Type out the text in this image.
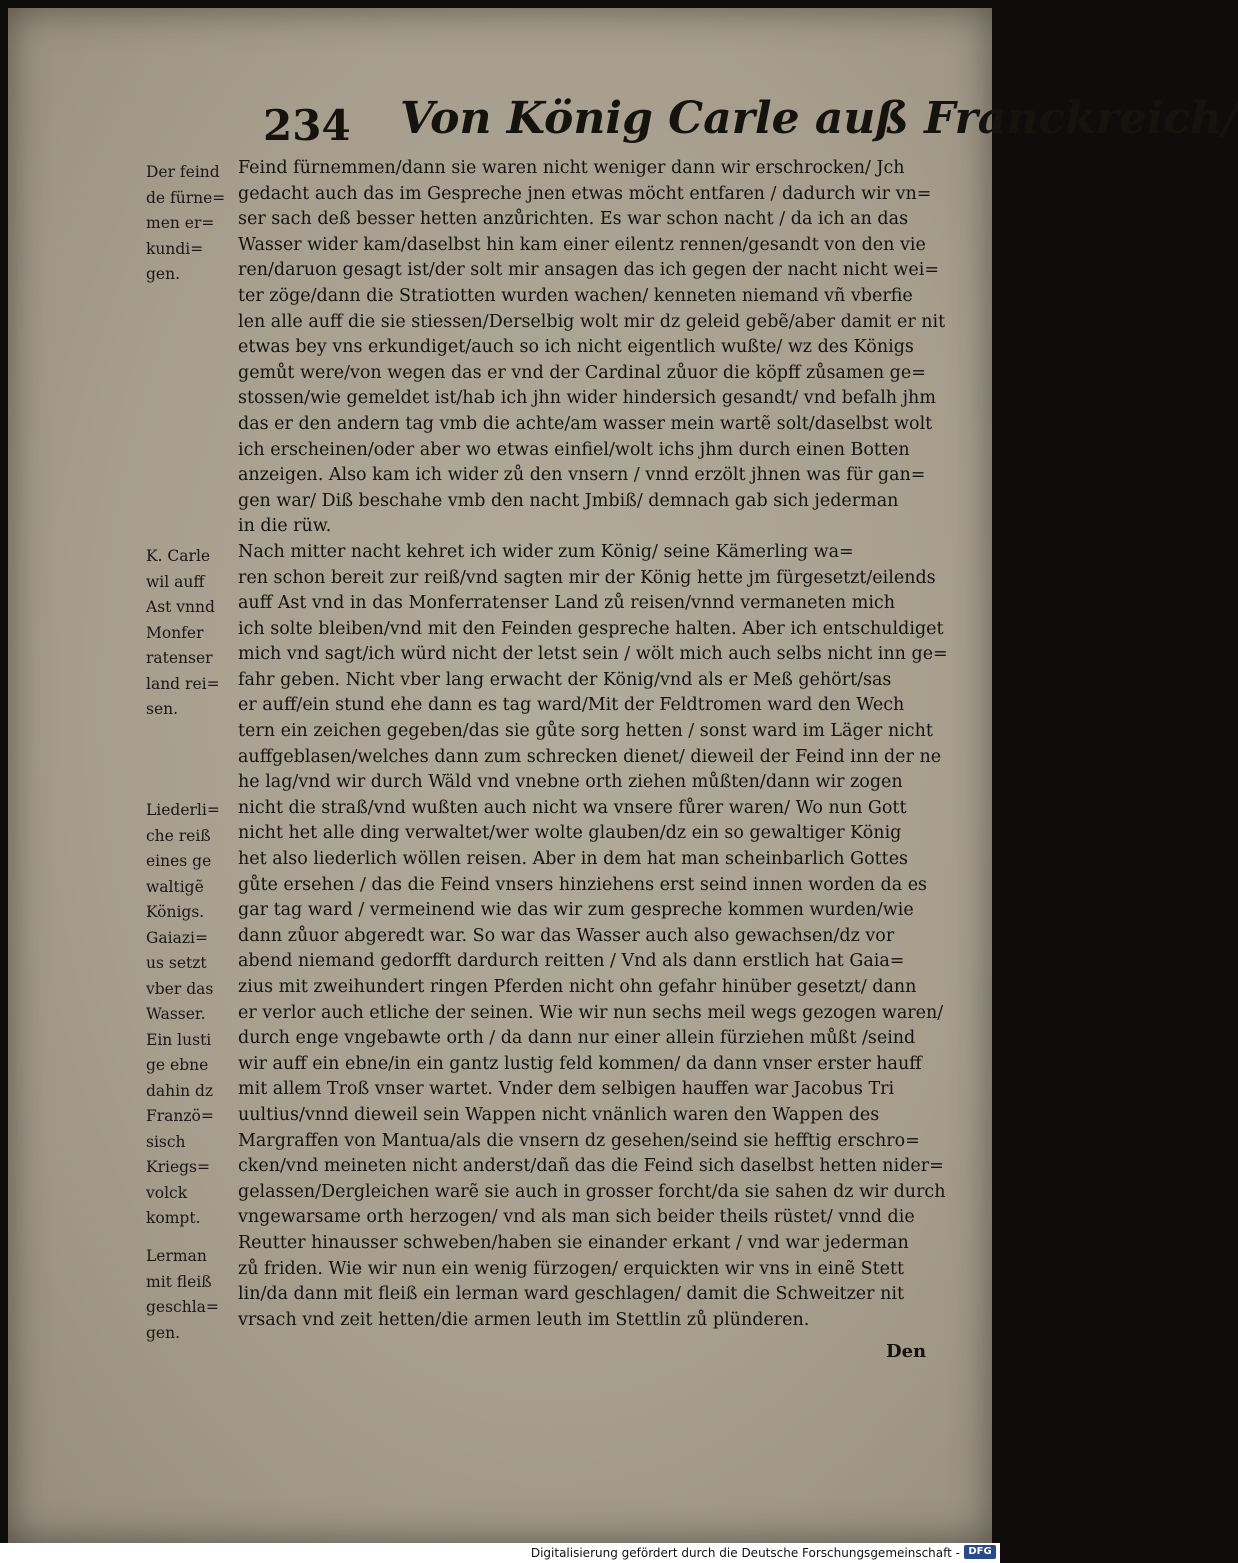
234 Von König Carle auß Franckreich/
Der feind
de fürne=
men er=
kundi=
gen.
K. Carle
wil auff
Ast vnnd
Monfer
ratenser
land rei=
sen.
Liederli=
che reiß
eines ge
waltigẽ
Königs.
Gaiazi=
us setzt
vber das
Wasser.
Ein lusti
ge ebne
dahin dz
Franzö=
sisch
Kriegs=
volck
kompt.
Lerman
mit fleiß
geschla=
gen.
Feind fürnemmen/dann sie waren nicht weniger dann wir erschrocken/ Jch
gedacht auch das im Gespreche jnen etwas möcht entfaren / dadurch wir vn=
ser sach deß besser hetten anzůrichten. Es war schon nacht / da ich an das
Wasser wider kam/daselbst hin kam einer eilentz rennen/gesandt von den vie
ren/daruon gesagt ist/der solt mir ansagen das ich gegen der nacht nicht wei=
ter zöge/dann die Stratiotten wurden wachen/ kenneten niemand vñ vberfie
len alle auff die sie stiessen/Derselbig wolt mir dz geleid gebẽ/aber damit er nit
etwas bey vns erkundiget/auch so ich nicht eigentlich wußte/ wz des Königs
gemůt were/von wegen das er vnd der Cardinal zůuor die köpff zůsamen ge=
stossen/wie gemeldet ist/hab ich jhn wider hindersich gesandt/ vnd befalh jhm
das er den andern tag vmb die achte/am wasser mein wartẽ solt/daselbst wolt
ich erscheinen/oder aber wo etwas einfiel/wolt ichs jhm durch einen Botten
anzeigen. Also kam ich wider zů den vnsern / vnnd erzölt jhnen was für gan=
gen war/ Diß beschahe vmb den nacht Jmbiß/ demnach gab sich jederman
in die rüw.
Nach mitter nacht kehret ich wider zum König/ seine Kämerling wa=
ren schon bereit zur reiß/vnd sagten mir der König hette jm fürgesetzt/eilends
auff Ast vnd in das Monferratenser Land zů reisen/vnnd vermaneten mich
ich solte bleiben/vnd mit den Feinden gespreche halten. Aber ich entschuldiget
mich vnd sagt/ich würd nicht der letst sein / wölt mich auch selbs nicht inn ge=
fahr geben. Nicht vber lang erwacht der König/vnd als er Meß gehört/sas
er auff/ein stund ehe dann es tag ward/Mit der Feldtromen ward den Wech
tern ein zeichen gegeben/das sie gůte sorg hetten / sonst ward im Läger nicht
auffgeblasen/welches dann zum schrecken dienet/ dieweil der Feind inn der ne
he lag/vnd wir durch Wäld vnd vnebne orth ziehen můßten/dann wir zogen
nicht die straß/vnd wußten auch nicht wa vnsere fůrer waren/ Wo nun Gott
nicht het alle ding verwaltet/wer wolte glauben/dz ein so gewaltiger König
het also liederlich wöllen reisen. Aber in dem hat man scheinbarlich Gottes
gůte ersehen / das die Feind vnsers hinziehens erst seind innen worden da es
gar tag ward / vermeinend wie das wir zum gespreche kommen wurden/wie
dann zůuor abgeredt war. So war das Wasser auch also gewachsen/dz vor
abend niemand gedorfft dardurch reitten / Vnd als dann erstlich hat Gaia=
zius mit zweihundert ringen Pferden nicht ohn gefahr hinüber gesetzt/ dann
er verlor auch etliche der seinen. Wie wir nun sechs meil wegs gezogen waren/
durch enge vngebawte orth / da dann nur einer allein fürziehen můßt /seind
wir auff ein ebne/in ein gantz lustig feld kommen/ da dann vnser erster hauff
mit allem Troß vnser wartet. Vnder dem selbigen hauffen war Jacobus Tri
uultius/vnnd dieweil sein Wappen nicht vnänlich waren den Wappen des
Margraffen von Mantua/als die vnsern dz gesehen/seind sie hefftig erschro=
cken/vnd meineten nicht anderst/dañ das die Feind sich daselbst hetten nider=
gelassen/Dergleichen warẽ sie auch in grosser forcht/da sie sahen dz wir durch
vngewarsame orth herzogen/ vnd als man sich beider theils rüstet/ vnnd die
Reutter hinausser schweben/haben sie einander erkant / vnd war jederman
zů friden. Wie wir nun ein wenig fürzogen/ erquickten wir vns in einẽ Stett
lin/da dann mit fleiß ein lerman ward geschlagen/ damit die Schweitzer nit
vrsach vnd zeit hetten/die armen leuth im Stettlin zů plünderen.
Den
Digitalisierung gefördert durch die Deutsche Forschungsgemeinschaft - DFG
